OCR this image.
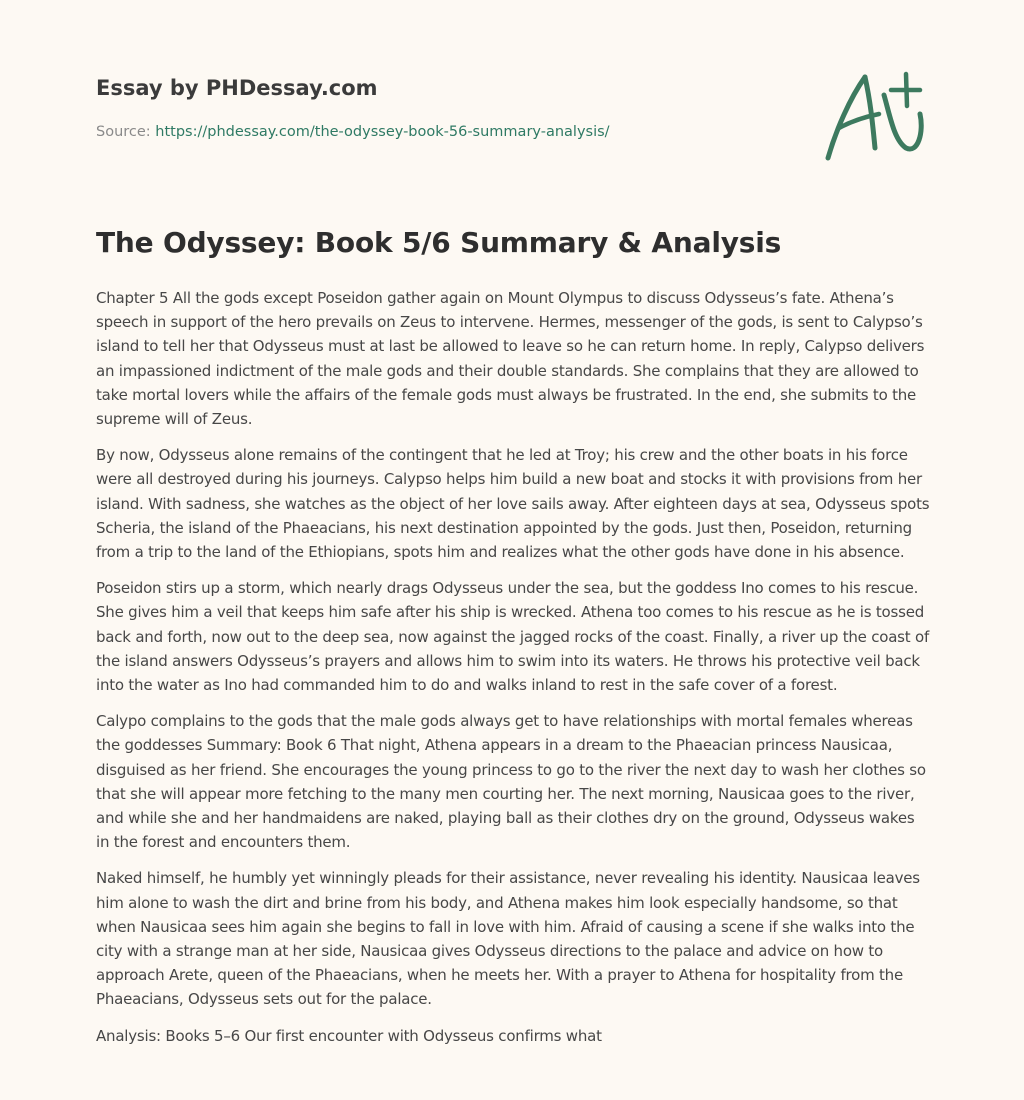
Essay by PHDessay.com
Source: https://phdessay.com/the-odyssey-book-56-summary-analysis/
The Odyssey: Book 5/6 Summary & Analysis

Chapter 5 All the gods except Poseidon gather again on Mount Olympus to discuss Odysseus’s fate. Athena’s speech in support of the hero prevails on Zeus to intervene. Hermes, messenger of the gods, is sent to Calypso’s island to tell her that Odysseus must at last be allowed to leave so he can return home. In reply, Calypso delivers an impassioned indictment of the male gods and their double standards. She complains that they are allowed to take mortal lovers while the affairs of the female gods must always be frustrated. In the end, she submits to the supreme will of Zeus.

By now, Odysseus alone remains of the contingent that he led at Troy; his crew and the other boats in his force were all destroyed during his journeys. Calypso helps him build a new boat and stocks it with provisions from her island. With sadness, she watches as the object of her love sails away. After eighteen days at sea, Odysseus spots Scheria, the island of the Phaeacians, his next destination appointed by the gods. Just then, Poseidon, returning from a trip to the land of the Ethiopians, spots him and realizes what the other gods have done in his absence.

Poseidon stirs up a storm, which nearly drags Odysseus under the sea, but the goddess Ino comes to his rescue. She gives him a veil that keeps him safe after his ship is wrecked. Athena too comes to his rescue as he is tossed back and forth, now out to the deep sea, now against the jagged rocks of the coast. Finally, a river up the coast of the island answers Odysseus’s prayers and allows him to swim into its waters. He throws his protective veil back into the water as Ino had commanded him to do and walks inland to rest in the safe cover of a forest.

Calypo complains to the gods that the male gods always get to have relationships with mortal females whereas the goddesses Summary: Book 6 That night, Athena appears in a dream to the Phaeacian princess Nausicaa, disguised as her friend. She encourages the young princess to go to the river the next day to wash her clothes so that she will appear more fetching to the many men courting her. The next morning, Nausicaa goes to the river, and while she and her handmaidens are naked, playing ball as their clothes dry on the ground, Odysseus wakes in the forest and encounters them.

Naked himself, he humbly yet winningly pleads for their assistance, never revealing his identity. Nausicaa leaves him alone to wash the dirt and brine from his body, and Athena makes him look especially handsome, so that when Nausicaa sees him again she begins to fall in love with him. Afraid of causing a scene if she walks into the city with a strange man at her side, Nausicaa gives Odysseus directions to the palace and advice on how to approach Arete, queen of the Phaeacians, when he meets her. With a prayer to Athena for hospitality from the Phaeacians, Odysseus sets out for the palace.

Analysis: Books 5–6 Our first encounter with Odysseus confirms what
